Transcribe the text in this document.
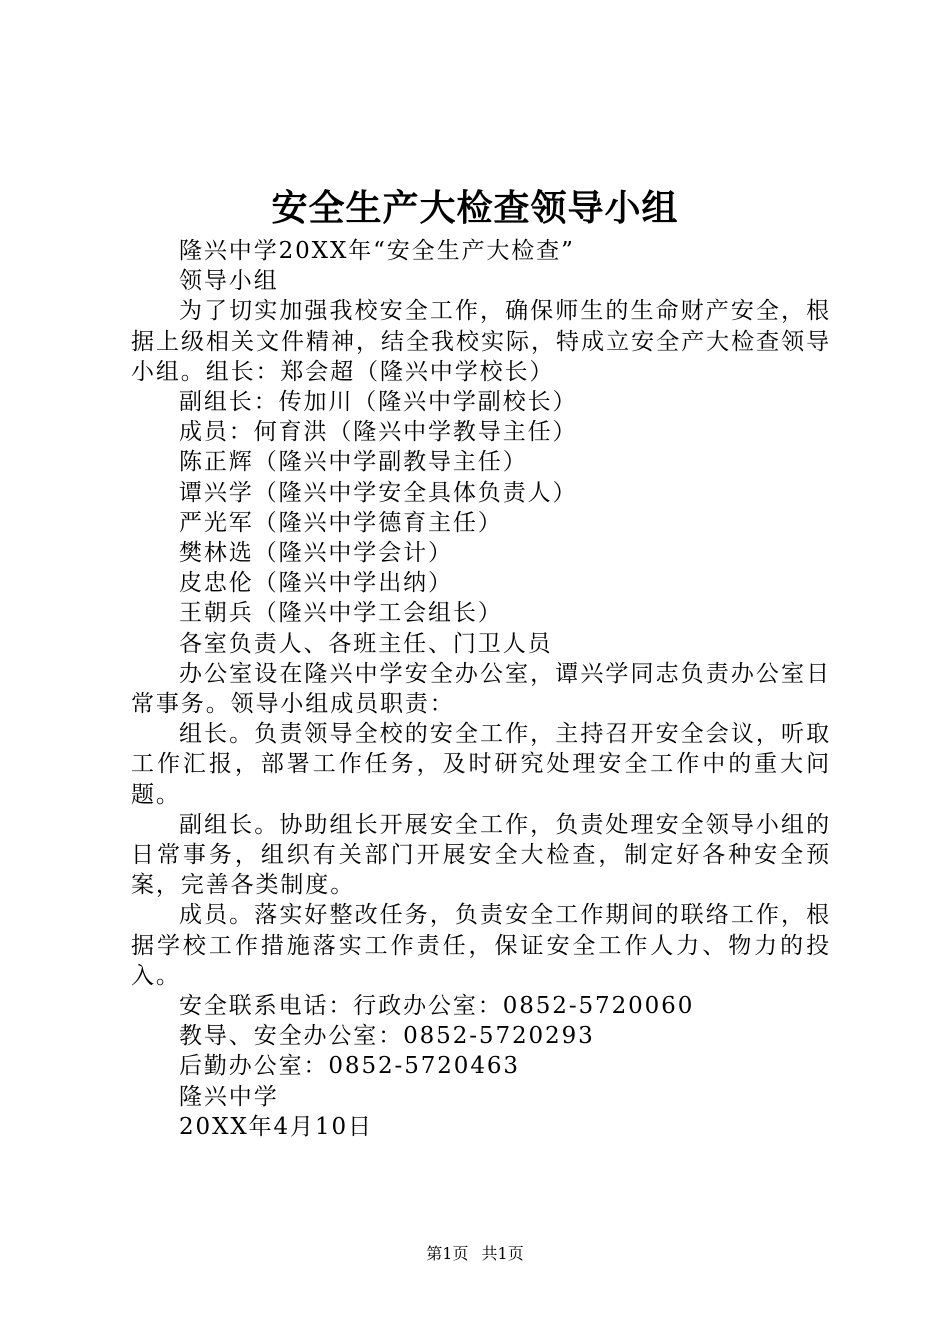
安全生产大检查领导小组

隆兴中学20XX年“安全生产大检查”

领导小组

为了切实加强我校安全工作，确保师生的生命财产安全，根据上级相关文件精神，结全我校实际，特成立安全产大检查领导小组。组长：郑会超（隆兴中学校长）

副组长：传加川（隆兴中学副校长）

成员：何育洪（隆兴中学教导主任）

陈正辉（隆兴中学副教导主任）

谭兴学（隆兴中学安全具体负责人）

严光军（隆兴中学德育主任）

樊林选（隆兴中学会计）

皮忠伦（隆兴中学出纳）

王朝兵（隆兴中学工会组长）

各室负责人、各班主任、门卫人员

办公室设在隆兴中学安全办公室，谭兴学同志负责办公室日常事务。领导小组成员职责：

组长。负责领导全校的安全工作，主持召开安全会议，听取工作汇报，部署工作任务，及时研究处理安全工作中的重大问题。

副组长。协助组长开展安全工作，负责处理安全领导小组的日常事务，组织有关部门开展安全大检查，制定好各种安全预案，完善各类制度。

成员。落实好整改任务，负责安全工作期间的联络工作，根据学校工作措施落实工作责任，保证安全工作人力、物力的投入。

安全联系电话：行政办公室：0852-5720060

教导、安全办公室：0852-5720293

后勤办公室：0852-5720463

隆兴中学

20XX年4月10日

第1页 共1页
